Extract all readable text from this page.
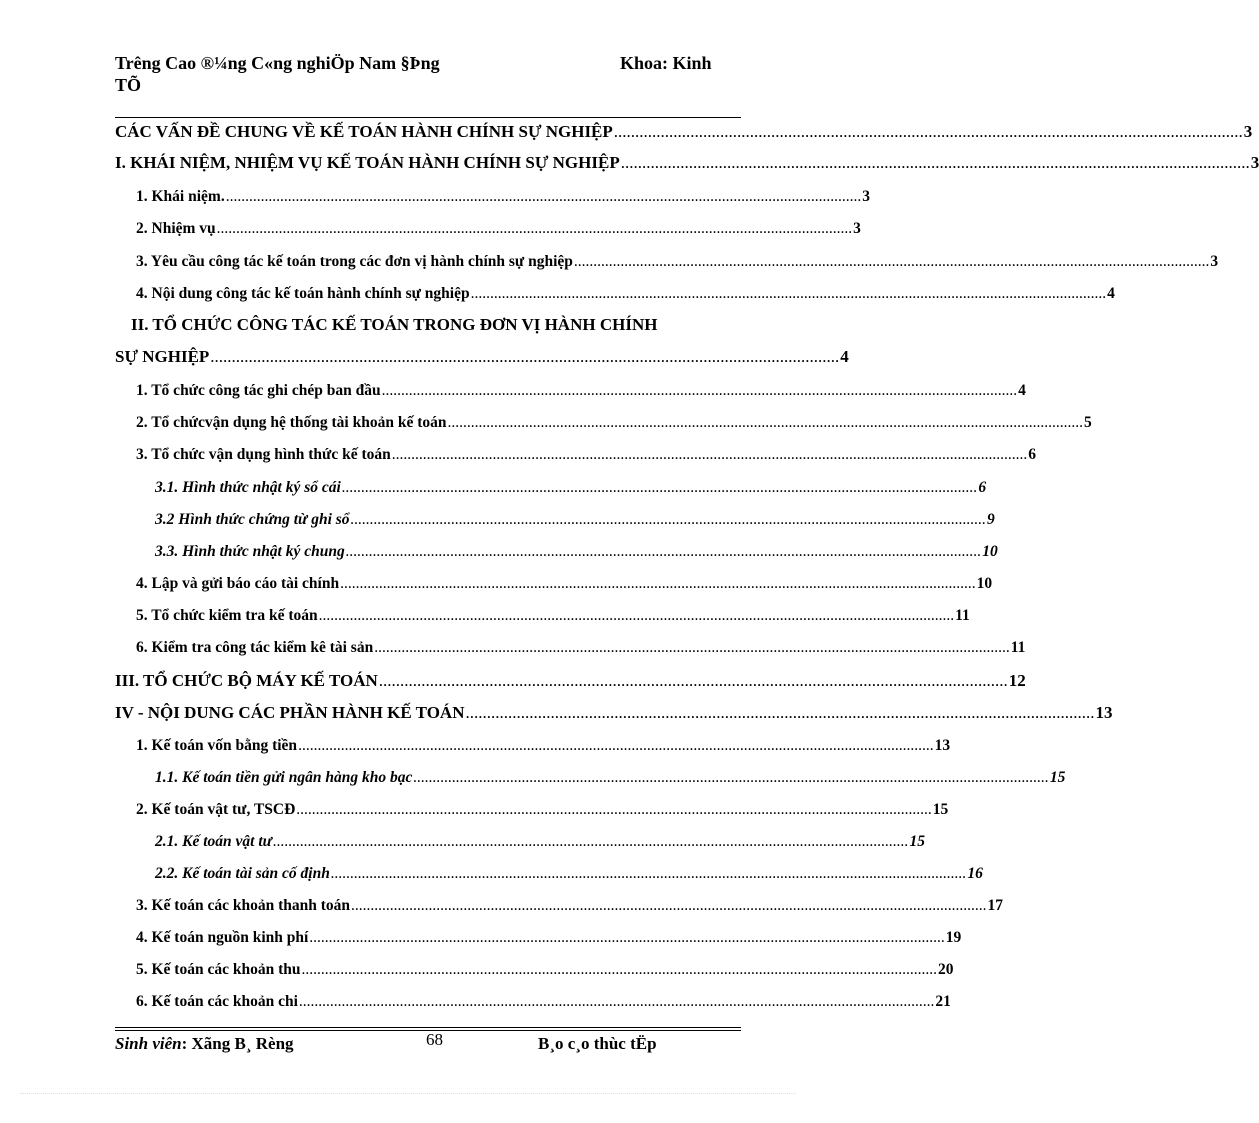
Trêng Cao ®¼ng C«ng nghiÖp Nam §Þng	Khoa: Kinh
TÕ
CÁC VẤN ĐỀ CHUNG VỀ KẾ TOÁN HÀNH CHÍNH SỰ NGHIỆP .................................................................................................................................................... 3
I. KHÁI NIỆM, NHIỆM VỤ KẾ TOÁN HÀNH CHÍNH SỰ NGHIỆP .................................................................................................................................................... 3
1. Khái niệm. .................................................................................................................................................................... 3
2. Nhiệm vụ .................................................................................................................................................................... 3
3. Yêu cầu công tác kế toán trong các đơn vị hành chính sự nghiệp .................................................................................................................................................................... 3
4. Nội dung công tác kế toán hành chính sự nghiệp .................................................................................................................................................................... 4
II. TỔ CHỨC CÔNG TÁC KẾ TOÁN TRONG ĐƠN VỊ HÀNH CHÍNH
SỰ NGHIỆP .................................................................................................................................................... 4
1. Tổ chức công tác ghi chép ban đầu .................................................................................................................................................................... 4
2. Tổ chứcvận dụng hệ thống tài khoản kế toán .................................................................................................................................................................... 5
3. Tổ chức vận dụng hình thức kế toán .................................................................................................................................................................... 6
3.1. Hình thức nhật ký sổ cái .................................................................................................................................................................... 6
3.2 Hình thức chứng từ ghi sổ .................................................................................................................................................................... 9
3.3. Hình thức nhật ký chung .................................................................................................................................................................... 10
4. Lập và gửi báo cáo tài chính .................................................................................................................................................................... 10
5. Tổ chức kiểm tra kế toán .................................................................................................................................................................... 11
6. Kiểm tra công tác kiểm kê tài sản .................................................................................................................................................................... 11
III. TỔ CHỨC BỘ MÁY KẾ TOÁN .................................................................................................................................................... 12
IV - NỘI DUNG CÁC PHẦN HÀNH KẾ TOÁN .................................................................................................................................................... 13
1. Kế toán vốn bằng tiền .................................................................................................................................................................... 13
1.1. Kế toán tiền gửi ngân hàng kho bạc .................................................................................................................................................................... 15
2. Kế toán vật tư, TSCĐ .................................................................................................................................................................... 15
2.1. Kế toán vật tư .................................................................................................................................................................... 15
2.2. Kế toán tài sản cố định .................................................................................................................................................................... 16
3. Kế toán các khoản thanh toán .................................................................................................................................................................... 17
4. Kế toán nguồn kinh phí .................................................................................................................................................................... 19
5. Kế toán các khoản thu .................................................................................................................................................................... 20
6. Kế toán các khoản chi .................................................................................................................................................................... 21
Sinh viên: Xãng B¸ Rèng	68	B¸o c¸o thùc tËp
